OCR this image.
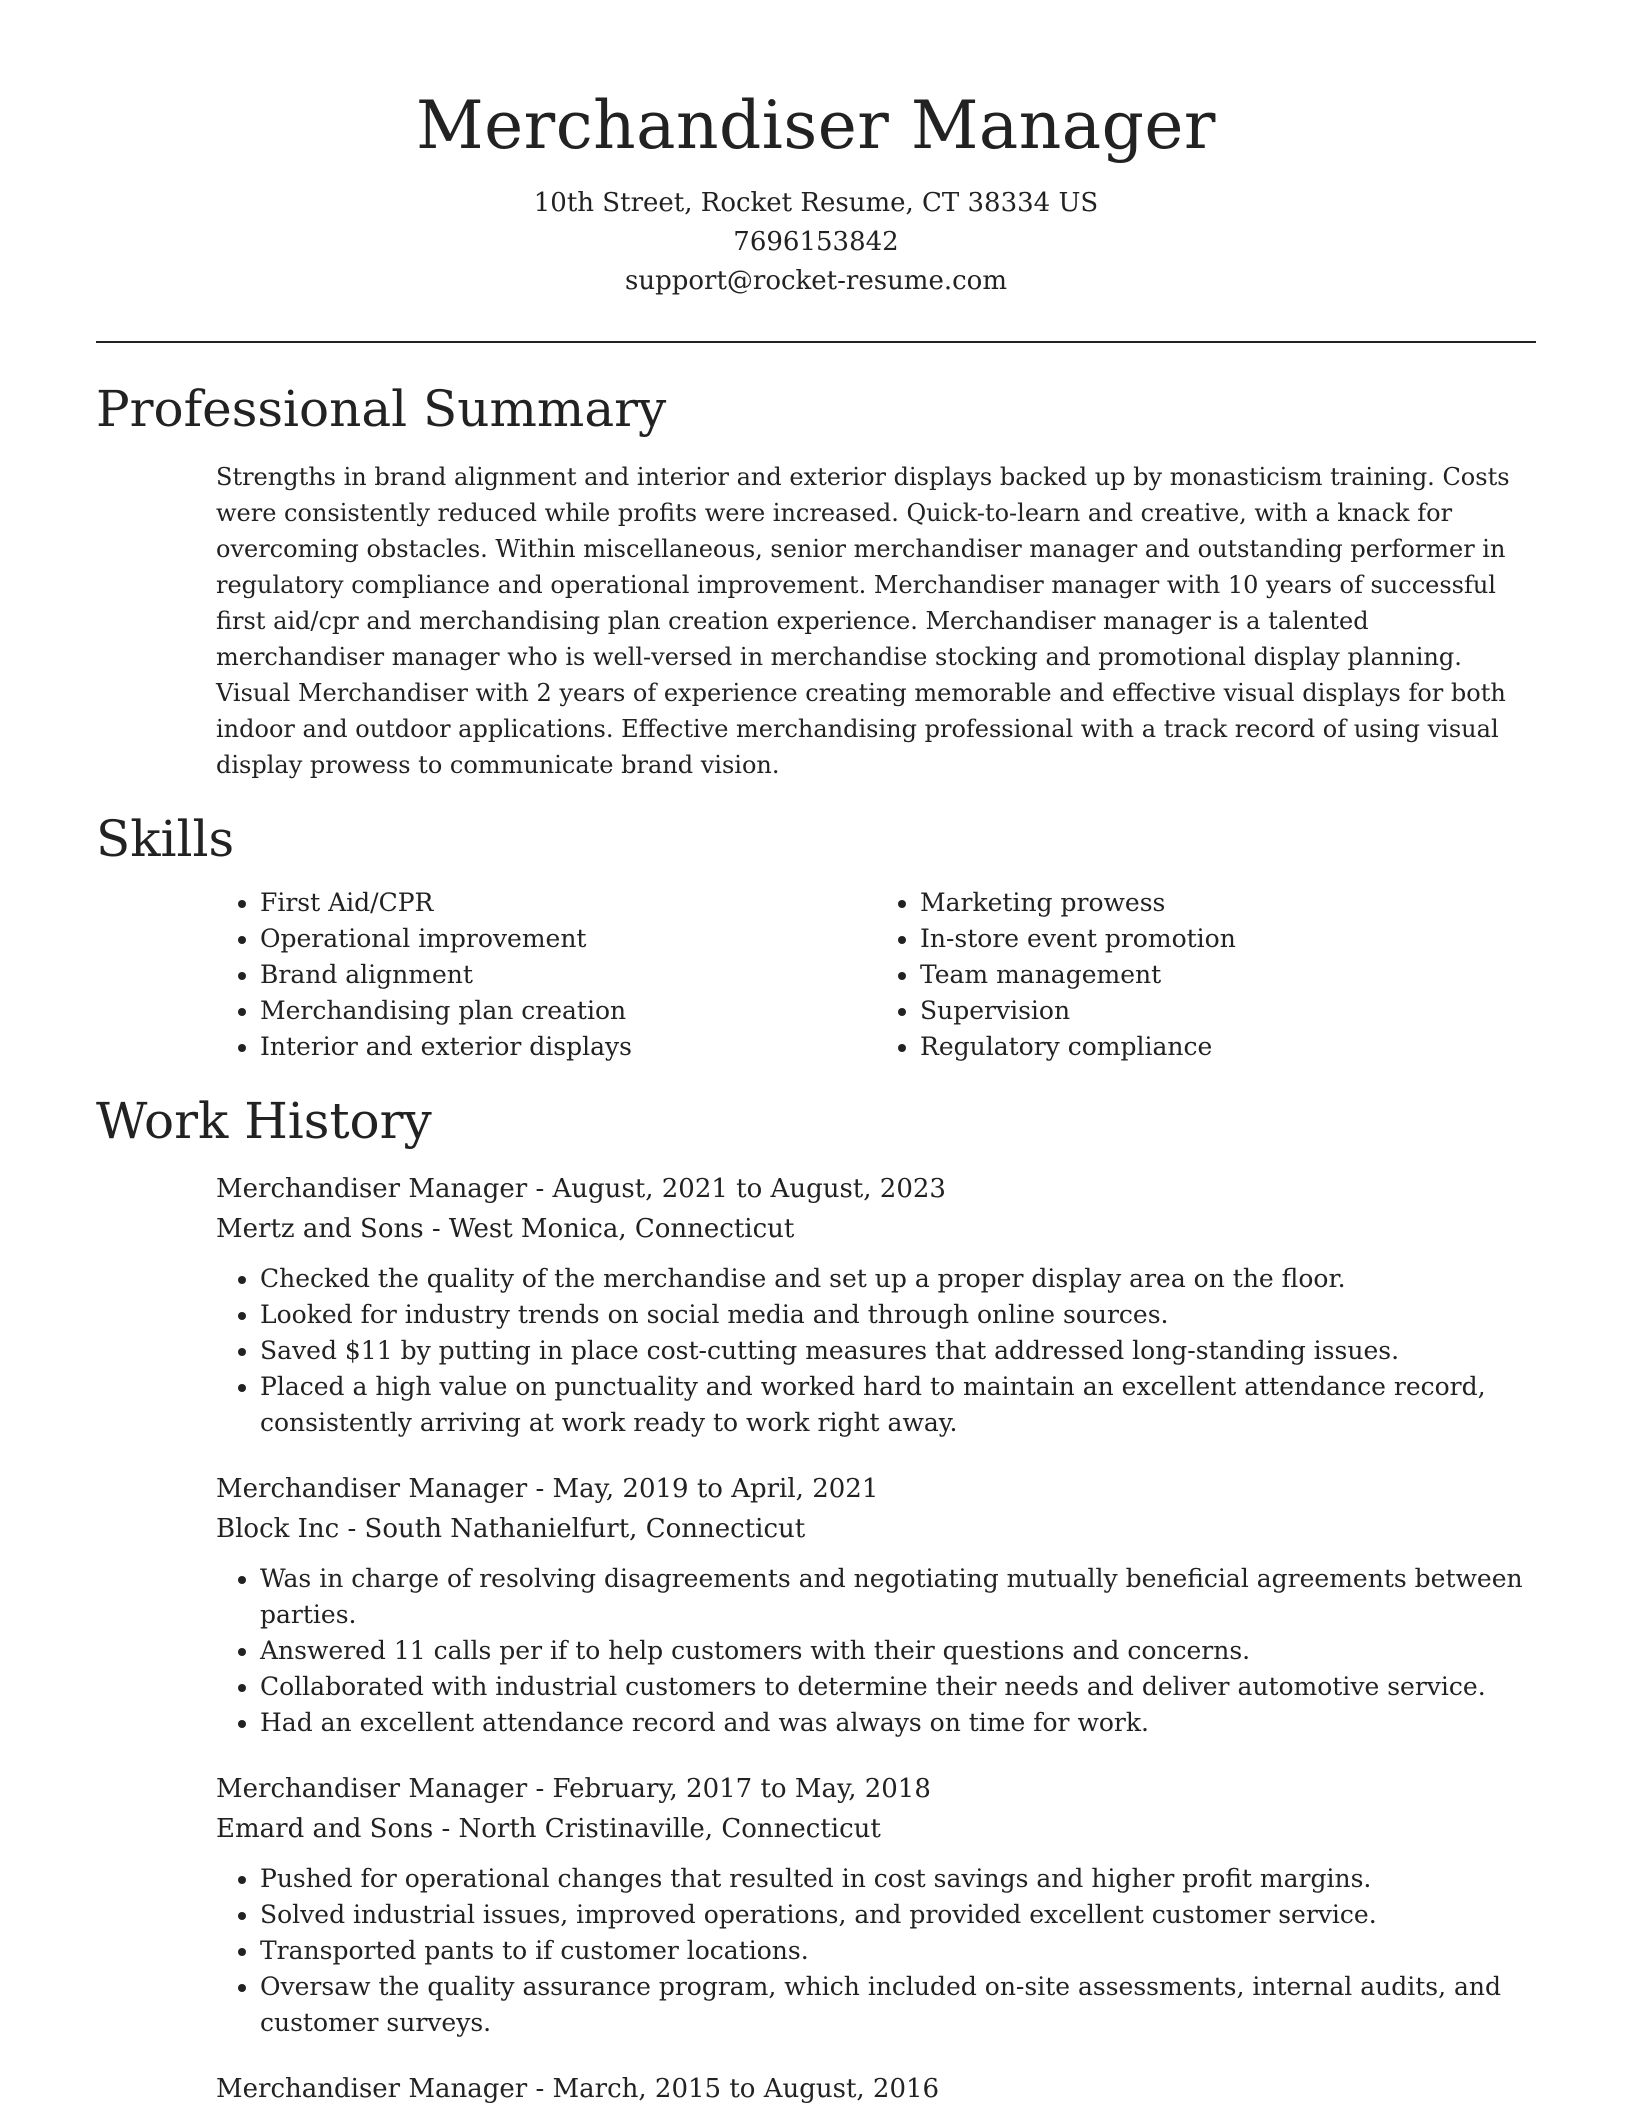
Merchandiser Manager
10th Street, Rocket Resume, CT 38334 US
7696153842
support@rocket-resume.com
Professional Summary

Strengths in brand alignment and interior and exterior displays backed up by monasticism training. Costs were consistently reduced while profits were increased. Quick-to-learn and creative, with a knack for overcoming obstacles. Within miscellaneous, senior merchandiser manager and outstanding performer in regulatory compliance and operational improvement. Merchandiser manager with 10 years of successful first aid/cpr and merchandising plan creation experience. Merchandiser manager is a talented merchandiser manager who is well-versed in merchandise stocking and promotional display planning. Visual Merchandiser with 2 years of experience creating memorable and effective visual displays for both indoor and outdoor applications. Effective merchandising professional with a track record of using visual display prowess to communicate brand vision.

Skills
• First Aid/CPR
• Operational improvement
• Brand alignment
• Merchandising plan creation
• Interior and exterior displays
• Marketing prowess
• In-store event promotion
• Team management
• Supervision
• Regulatory compliance
Work History

Merchandiser Manager - August, 2021 to August, 2023

Mertz and Sons - West Monica, Connecticut

• Checked the quality of the merchandise and set up a proper display area on the floor.
• Looked for industry trends on social media and through online sources.
• Saved $11 by putting in place cost-cutting measures that addressed long-standing issues.
• Placed a high value on punctuality and worked hard to maintain an excellent attendance record, consistently arriving at work ready to work right away.

Merchandiser Manager - May, 2019 to April, 2021

Block Inc - South Nathanielfurt, Connecticut

• Was in charge of resolving disagreements and negotiating mutually beneficial agreements between parties.
• Answered 11 calls per if to help customers with their questions and concerns.
• Collaborated with industrial customers to determine their needs and deliver automotive service.
• Had an excellent attendance record and was always on time for work.

Merchandiser Manager - February, 2017 to May, 2018

Emard and Sons - North Cristinaville, Connecticut

• Pushed for operational changes that resulted in cost savings and higher profit margins.
• Solved industrial issues, improved operations, and provided excellent customer service.
• Transported pants to if customer locations.
• Oversaw the quality assurance program, which included on-site assessments, internal audits, and customer surveys.

Merchandiser Manager - March, 2015 to August, 2016
